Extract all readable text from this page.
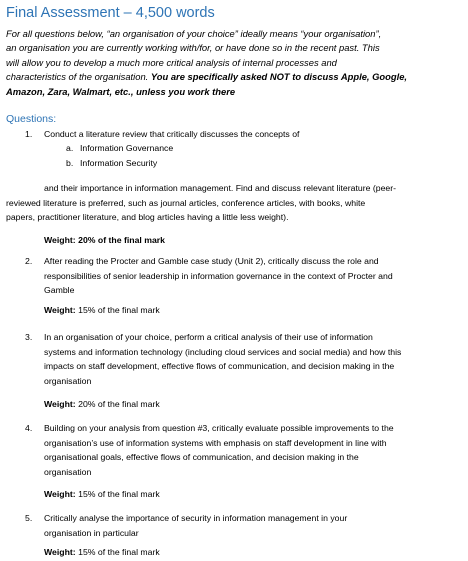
Final Assessment – 4,500 words
For all questions below, “an organisation of your choice” ideally means “your organisation”,
an organisation you are currently working with/for, or have done so in the recent past. This
will allow you to develop a much more critical analysis of internal processes and
characteristics of the organisation. You are specifically asked NOT to discuss Apple, Google,
Amazon, Zara, Walmart, etc., unless you work there
Questions:
1.	Conduct a literature review that critically discusses the concepts of
a. Information Governance
b. Information Security
and their importance in information management. Find and discuss relevant literature (peer-
reviewed literature is preferred, such as journal articles, conference articles, with books, white
papers, practitioner literature, and blog articles having a little less weight).
Weight: 20% of the final mark
2.	After reading the Procter and Gamble case study (Unit 2), critically discuss the role and
responsibilities of senior leadership in information governance in the context of Procter and
Gamble
Weight: 15% of the final mark
3.	In an organisation of your choice, perform a critical analysis of their use of information
systems and information technology (including cloud services and social media) and how this
impacts on staff development, effective flows of communication, and decision making in the
organisation
Weight: 20% of the final mark
4.	Building on your analysis from question #3, critically evaluate possible improvements to the
organisation’s use of information systems with emphasis on staff development in line with
organisational goals, effective flows of communication, and decision making in the
organisation
Weight: 15% of the final mark
5.	Critically analyse the importance of security in information management in your
organisation in particular
Weight: 15% of the final mark
